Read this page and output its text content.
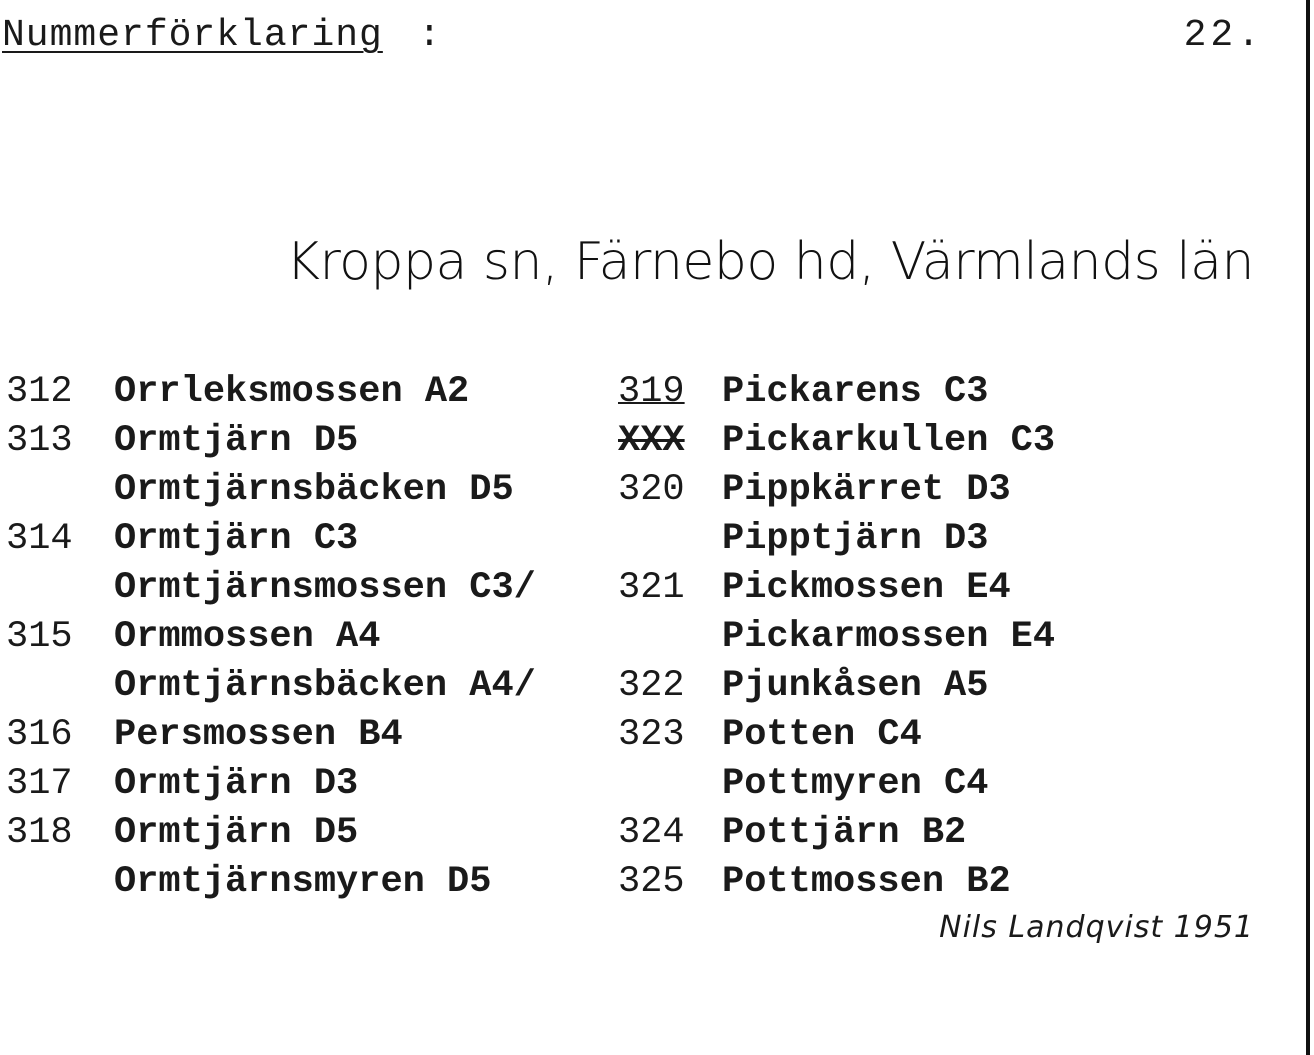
Nummerförklaring :	22.
Kroppa sn, Färnebo hd, Värmlands län
312	Orrleksmossen A2
313	Ormtjärn D5
Ormtjärnsbäcken D5
314	Ormtjärn C3
Ormtjärnsmossen C3/
315	Ormmossen A4
Ormtjärnsbäcken A4/
316	Persmossen B4
317	Ormtjärn D3
318	Ormtjärn D5
Ormtjärnsmyren D5
319	Pickarens C3
XXX	Pickarkullen C3
320	Pippkärret D3
Pipptjärn D3
321	Pickmossen E4
Pickarmossen E4
322	Pjunkåsen A5
323	Potten C4
Pottmyren C4
324	Pottjärn B2
325	Pottmossen B2
Nils Landqvist 1951
